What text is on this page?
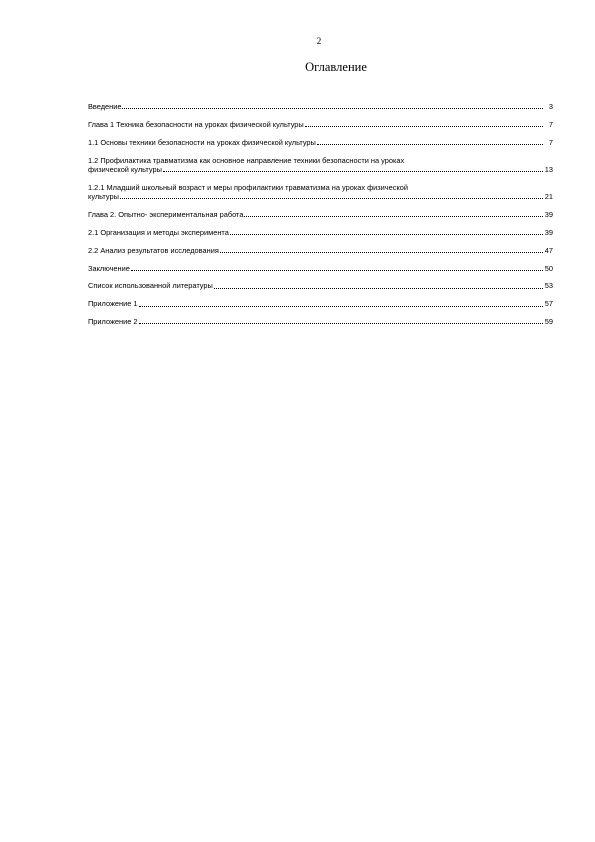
2
Оглавление
Введение	3
Глава 1 Техника безопасности на уроках физической культуры	7
1.1 Основы техники безопасности на уроках физической культуры	7
1.2 Профилактика травматизма как основное направление техники безопасности на уроках
физической культуры	13
1.2.1 Младший школьный возраст и меры профилактики травматизма на уроках физической
культуры	21
Глава 2. Опытно- экспериментальная работа	39
2.1 Организация и методы эксперимента	39
2.2 Анализ результатов исследования	47
Заключение	50
Список использованной литературы	53
Приложение 1	57
Приложение 2	59
